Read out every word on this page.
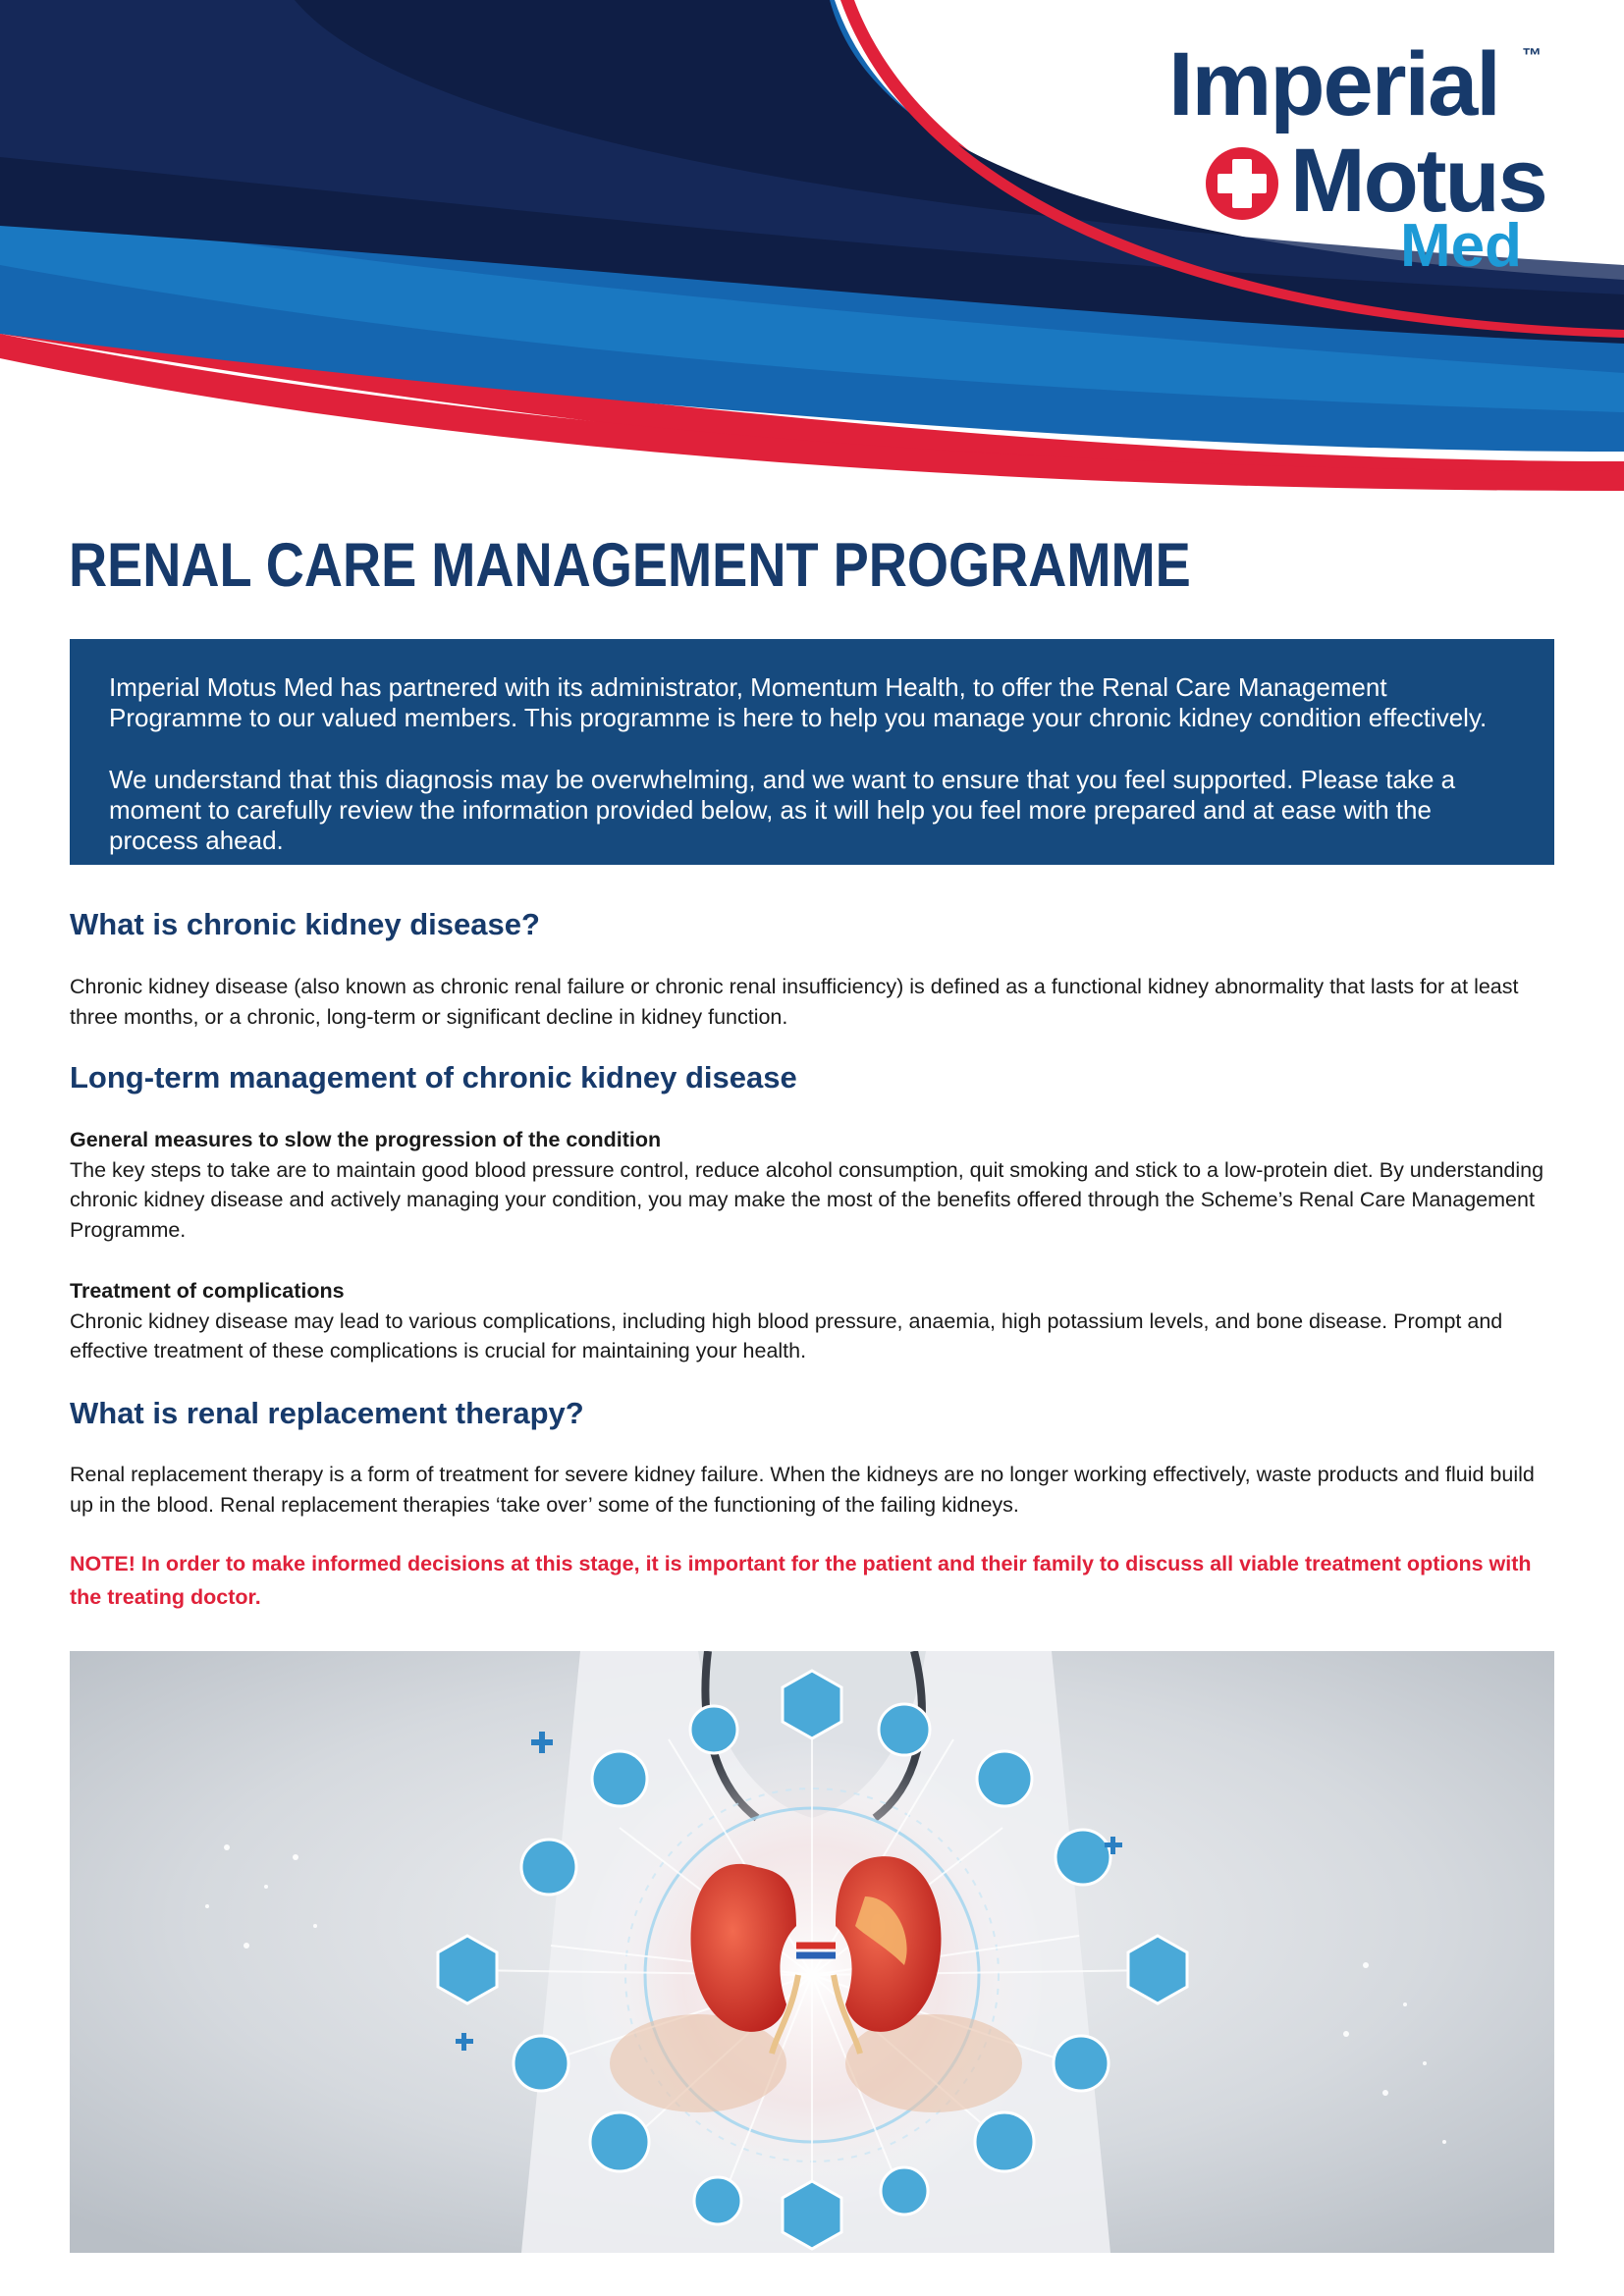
Imperial ™
Motus
Med
RENAL CARE MANAGEMENT PROGRAMME

Imperial Motus Med has partnered with its administrator, Momentum Health, to offer the Renal Care Management Programme to our valued members. This programme is here to help you manage your chronic kidney condition effectively.

We understand that this diagnosis may be overwhelming, and we want to ensure that you feel supported. Please take a moment to carefully review the information provided below, as it will help you feel more prepared and at ease with the process ahead.

What is chronic kidney disease?

Chronic kidney disease (also known as chronic renal failure or chronic renal insufficiency) is defined as a functional kidney abnormality that lasts for at least three months, or a chronic, long-term or significant decline in kidney function.

Long-term management of chronic kidney disease

General measures to slow the progression of the condition

The key steps to take are to maintain good blood pressure control, reduce alcohol consumption, quit smoking and stick to a low-protein diet. By understanding chronic kidney disease and actively managing your condition, you may make the most of the benefits offered through the Scheme’s Renal Care Management Programme.

Treatment of complications

Chronic kidney disease may lead to various complications, including high blood pressure, anaemia, high potassium levels, and bone disease. Prompt and effective treatment of these complications is crucial for maintaining your health.

What is renal replacement therapy?

Renal replacement therapy is a form of treatment for severe kidney failure. When the kidneys are no longer working effectively, waste products and fluid build up in the blood. Renal replacement therapies ‘take over’ some of the functioning of the failing kidneys.

NOTE! In order to make informed decisions at this stage, it is important for the patient and their family to discuss all viable treatment options with the treating doctor.
